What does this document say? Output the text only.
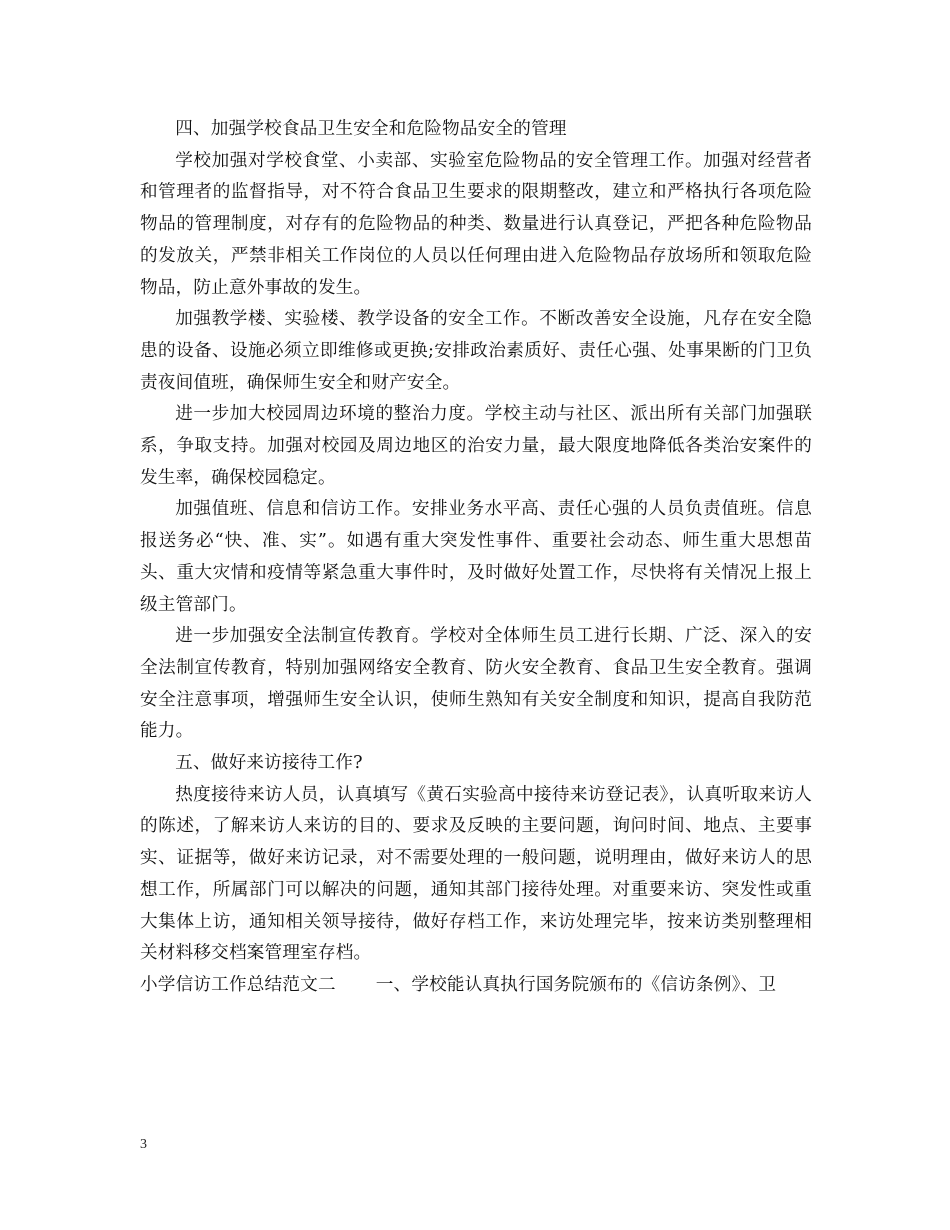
四、加强学校食品卫生安全和危险物品安全的管理

学校加强对学校食堂、小卖部、实验室危险物品的安全管理工作。加强对经营者和管理者的监督指导，对不符合食品卫生要求的限期整改，建立和严格执行各项危险物品的管理制度，对存有的危险物品的种类、数量进行认真登记，严把各种危险物品的发放关，严禁非相关工作岗位的人员以任何理由进入危险物品存放场所和领取危险物品，防止意外事故的发生。

加强教学楼、实验楼、教学设备的安全工作。不断改善安全设施，凡存在安全隐患的设备、设施必须立即维修或更换;安排政治素质好、责任心强、处事果断的门卫负责夜间值班，确保师生安全和财产安全。

进一步加大校园周边环境的整治力度。学校主动与社区、派出所有关部门加强联系，争取支持。加强对校园及周边地区的治安力量，最大限度地降低各类治安案件的发生率，确保校园稳定。

加强值班、信息和信访工作。安排业务水平高、责任心强的人员负责值班。信息报送务必“快、准、实”。如遇有重大突发性事件、重要社会动态、师生重大思想苗头、重大灾情和疫情等紧急重大事件时，及时做好处置工作，尽快将有关情况上报上级主管部门。

进一步加强安全法制宣传教育。学校对全体师生员工进行长期、广泛、深入的安全法制宣传教育，特别加强网络安全教育、防火安全教育、食品卫生安全教育。强调安全注意事项，增强师生安全认识，使师生熟知有关安全制度和知识，提高自我防范能力。

五、做好来访接待工作?

热度接待来访人员，认真填写《黄石实验高中接待来访登记表》，认真听取来访人的陈述，了解来访人来访的目的、要求及反映的主要问题，询问时间、地点、主要事实、证据等，做好来访记录，对不需要处理的一般问题，说明理由，做好来访人的思想工作，所属部门可以解决的问题，通知其部门接待处理。对重要来访、突发性或重大集体上访，通知相关领导接待，做好存档工作，来访处理完毕，按来访类别整理相关材料移交档案管理室存档。

小学信访工作总结范文二 一、学校能认真执行国务院颁布的《信访条例》、卫

3
